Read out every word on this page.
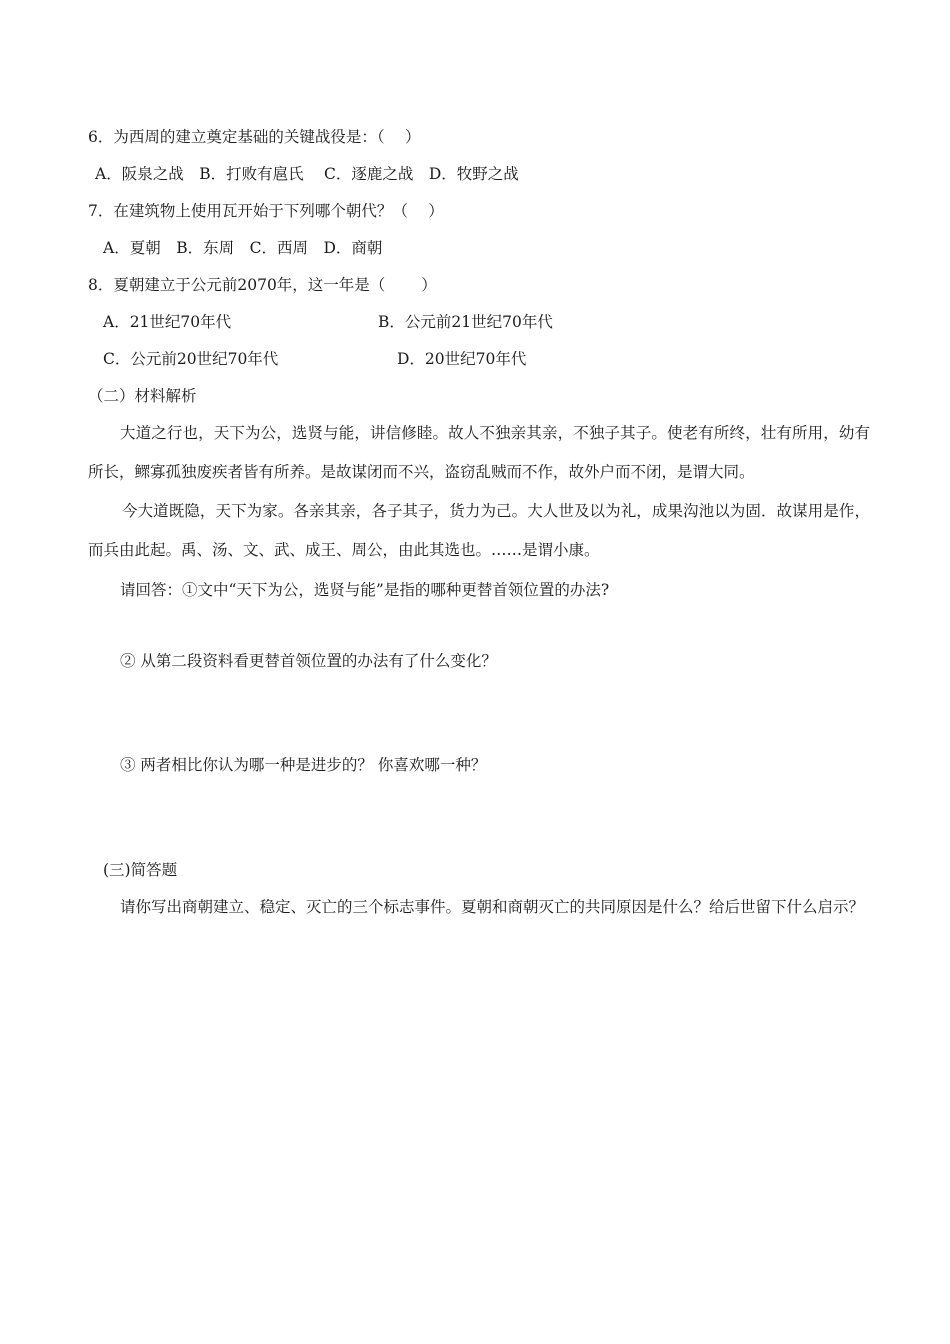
6．为西周的建立奠定基础的关键战役是：（　 ）
A．阪泉之战　B．打败有扈氏　 C．逐鹿之战　D．牧野之战
7．在建筑物上使用瓦开始于下列哪个朝代？（　 ）
A．夏朝　B．东周　C．西周　D．商朝
8．夏朝建立于公元前2070年，这一年是（　　 ）
A．21世纪70年代	B．公元前21世纪70年代
C．公元前20世纪70年代	D．20世纪70年代
（二）材料解析
大道之行也，天下为公，选贤与能，讲信修睦。故人不独亲其亲，不独子其子。使老有所终，壮有所用，幼有所长，鳏寡孤独废疾者皆有所养。是故谋闭而不兴，盗窃乱贼而不作，故外户而不闭，是谓大同。
今大道既隐，天下为家。各亲其亲，各子其子，货力为己。大人世及以为礼，成果沟池以为固．故谋用是作，而兵由此起。禹、汤、文、武、成王、周公，由此其选也。……是谓小康。
请回答：①文中“天下为公，选贤与能”是指的哪种更替首领位置的办法?
② 从第二段资料看更替首领位置的办法有了什么变化？
③ 两者相比你认为哪一种是进步的？ 你喜欢哪一种？
(三)简答题
请你写出商朝建立、稳定、灭亡的三个标志事件。夏朝和商朝灭亡的共同原因是什么？给后世留下什么启示？
